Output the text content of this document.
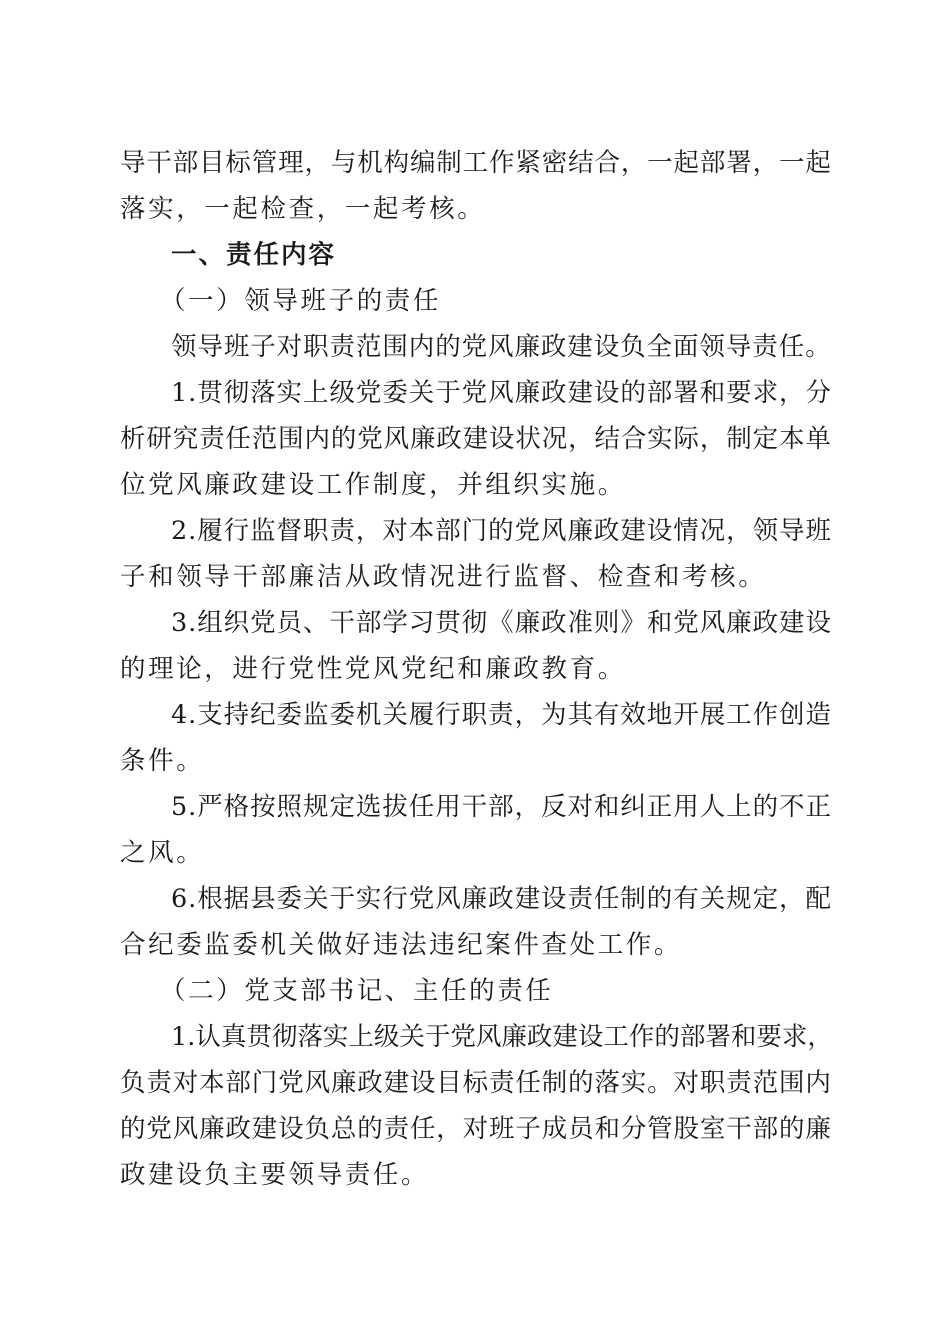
导干部目标管理，与机构编制工作紧密结合，一起部署，一起
落实，一起检查，一起考核。
一、责任内容
（一）领导班子的责任
领导班子对职责范围内的党风廉政建设负全面领导责任。
1.贯彻落实上级党委关于党风廉政建设的部署和要求，分
析研究责任范围内的党风廉政建设状况，结合实际，制定本单
位党风廉政建设工作制度，并组织实施。
2.履行监督职责，对本部门的党风廉政建设情况，领导班
子和领导干部廉洁从政情况进行监督、检查和考核。
3.组织党员、干部学习贯彻《廉政准则》和党风廉政建设
的理论，进行党性党风党纪和廉政教育。
4.支持纪委监委机关履行职责，为其有效地开展工作创造
条件。
5.严格按照规定选拔任用干部，反对和纠正用人上的不正
之风。
6.根据县委关于实行党风廉政建设责任制的有关规定，配
合纪委监委机关做好违法违纪案件查处工作。
（二）党支部书记、主任的责任
1.认真贯彻落实上级关于党风廉政建设工作的部署和要求，
负责对本部门党风廉政建设目标责任制的落实。对职责范围内
的党风廉政建设负总的责任，对班子成员和分管股室干部的廉
政建设负主要领导责任。
